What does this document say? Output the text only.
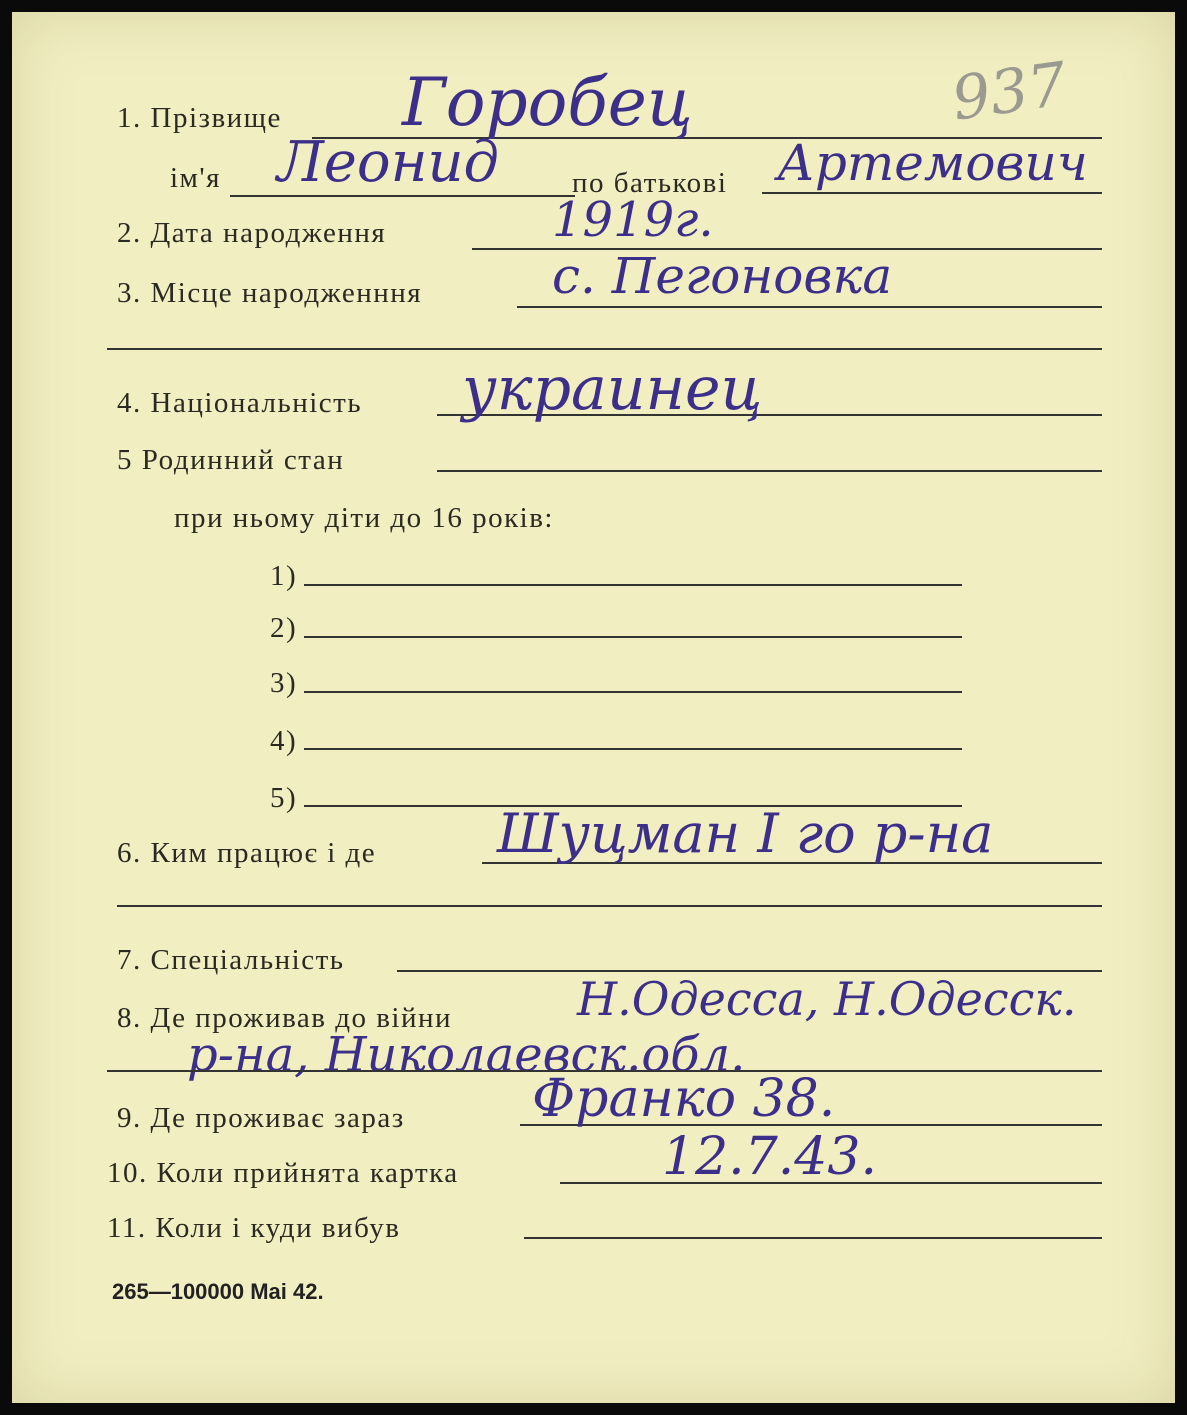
1. Прізвище Горобец	937
ім'я Леонид	по батькові Артемович
2. Дата народження	1919г.
3. Місце народженння	с. Пегоновка
4. Національність украинец
5 Родинний стан
при ньому діти до 16 років:
1)
2)
3)
4)
5)
6. Ким працює і де Шуцман I го р-на
7. Спеціальність
8. Де проживав до війни	Н.Одесса, Н.Одесск.
р-на, Николаевск.обл.
9. Де проживає зараз Франко 38.
10. Коли прийнята картка	12.7.43.
11. Коли і куди вибув
265—100000 Mai 42.
